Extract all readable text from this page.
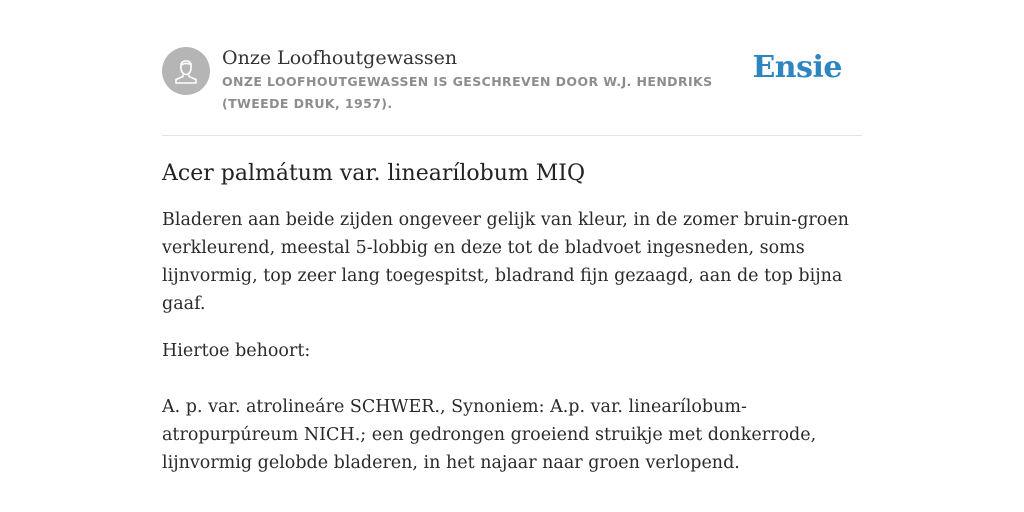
Onze Loofhoutgewassen
ONZE LOOFHOUTGEWASSEN IS GESCHREVEN DOOR W.J. HENDRIKS (TWEEDE DRUK, 1957).
Ensie
Acer palmátum var. linearílobum MIQ

Bladeren aan beide zijden ongeveer gelijk van kleur, in de zomer bruin-groen verkleurend, meestal 5-lobbig en deze tot de bladvoet ingesneden, soms lijnvormig, top zeer lang toegespitst, bladrand fijn gezaagd, aan de top bijna gaaf.

Hiertoe behoort:

A. p. var. atrolineáre SCHWER., Synoniem: A.p. var. linearílobum-atropurpúreum NICH.; een gedrongen groeiend struikje met donkerrode, lijnvormig gelobde bladeren, in het najaar naar groen verlopend.
